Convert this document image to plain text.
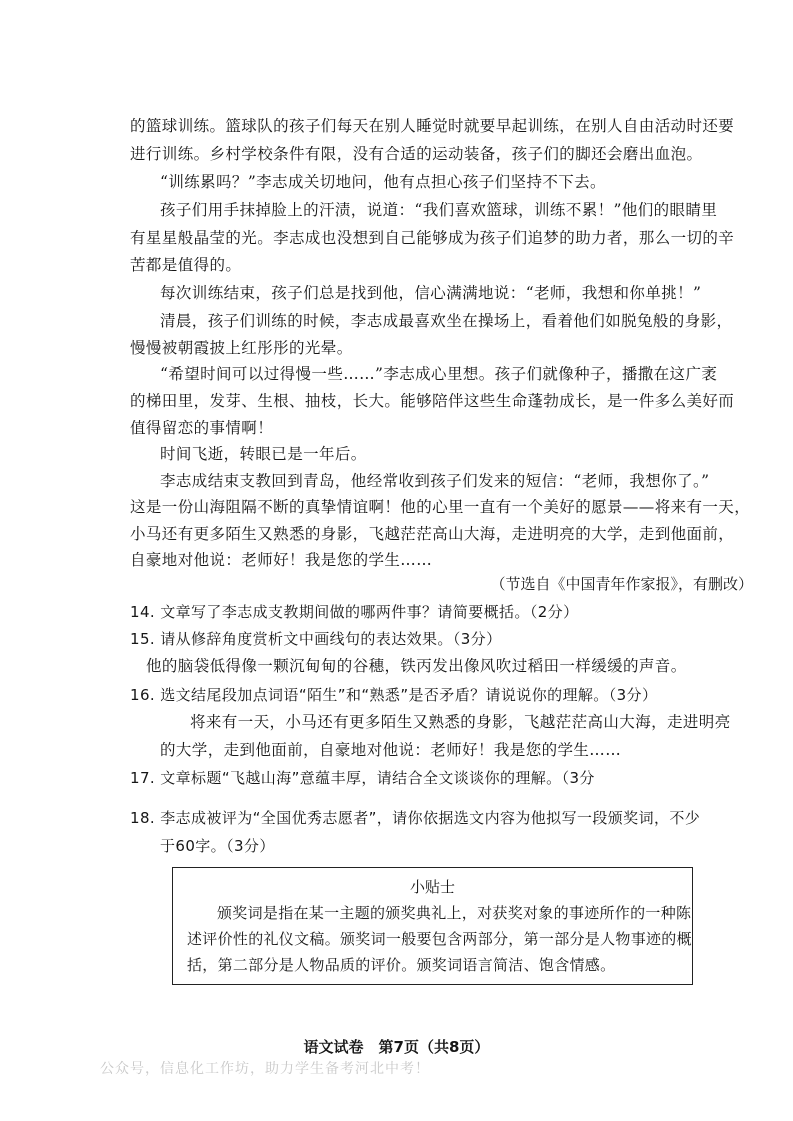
的篮球训练。篮球队的孩子们每天在别人睡觉时就要早起训练，在别人自由活动时还要
进行训练。乡村学校条件有限，没有合适的运动装备，孩子们的脚还会磨出血泡。
“训练累吗？”李志成关切地问，他有点担心孩子们坚持不下去。
孩子们用手抹掉脸上的汗渍，说道：“我们喜欢篮球，训练不累！”他们的眼睛里
有星星般晶莹的光。李志成也没想到自己能够成为孩子们追梦的助力者，那么一切的辛
苦都是值得的。
每次训练结束，孩子们总是找到他，信心满满地说：“老师，我想和你单挑！”
清晨，孩子们训练的时候，李志成最喜欢坐在操场上，看着他们如脱兔般的身影，
慢慢被朝霞披上红彤彤的光晕。
“希望时间可以过得慢一些……”李志成心里想。孩子们就像种子，播撒在这广袤
的梯田里，发芽、生根、抽枝，长大。能够陪伴这些生命蓬勃成长，是一件多么美好而
值得留恋的事情啊！
时间飞逝，转眼已是一年后。
李志成结束支教回到青岛，他经常收到孩子们发来的短信：“老师，我想你了。”
这是一份山海阻隔不断的真挚情谊啊！他的心里一直有一个美好的愿景——将来有一天，
小马还有更多陌生又熟悉的身影，飞越茫茫高山大海，走进明亮的大学，走到他面前，
自豪地对他说：老师好！我是您的学生……
（节选自《中国青年作家报》，有删改）
14. 文章写了李志成支教期间做的哪两件事？请简要概括。（2分）
15. 请从修辞角度赏析文中画线句的表达效果。（3分）
他的脑袋低得像一颗沉甸甸的谷穗，铁丙发出像风吹过稻田一样缓缓的声音。
16. 选文结尾段加点词语“陌生”和“熟悉”是否矛盾？请说说你的理解。（3分）
将来有一天，小马还有更多陌生又熟悉的身影，飞越茫茫高山大海，走进明亮
的大学，走到他面前，自豪地对他说：老师好！我是您的学生……
17. 文章标题“飞越山海”意蕴丰厚，请结合全文谈谈你的理解。（3分
18. 李志成被评为“全国优秀志愿者”，请你依据选文内容为他拟写一段颁奖词，不少
于60字。（3分）
小贴士
颁奖词是指在某一主题的颁奖典礼上，对获奖对象的事迹所作的一种陈
述评价性的礼仪文稿。颁奖词一般要包含两部分，第一部分是人物事迹的概
括，第二部分是人物品质的评价。颁奖词语言简洁、饱含情感。
语文试卷　第7页（共8页）
公众号，信息化工作坊，助力学生备考河北中考！
